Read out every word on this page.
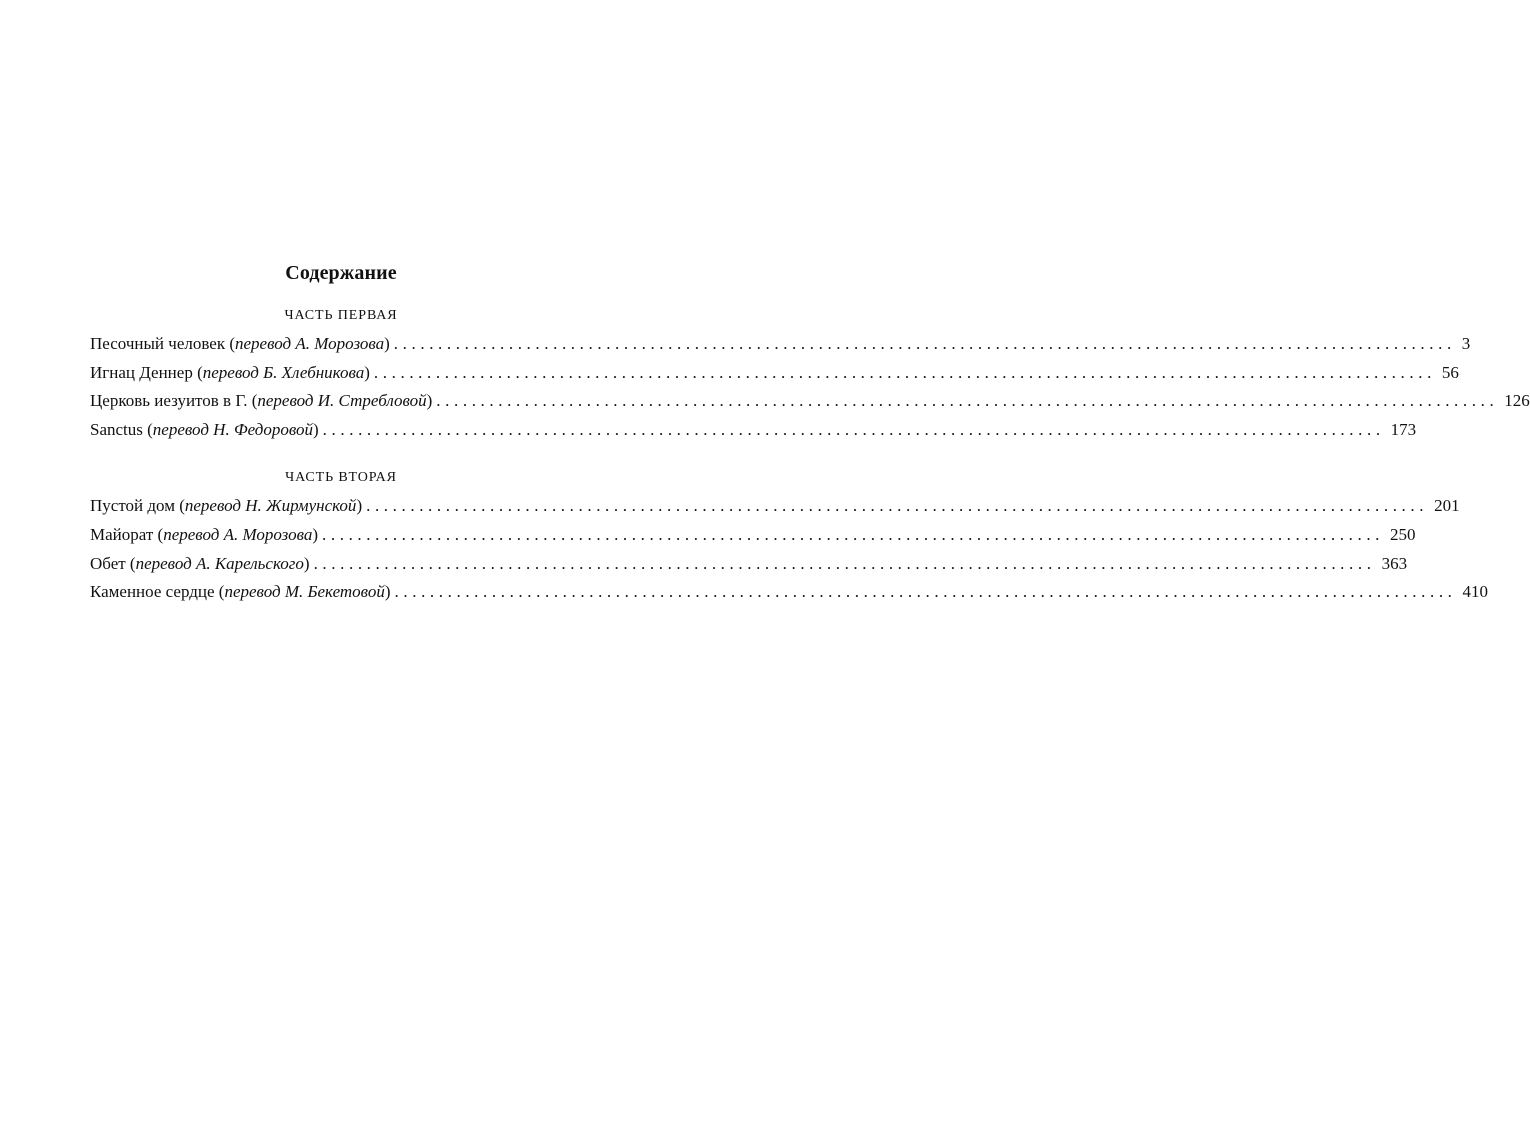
Содержание
ЧАСТЬ ПЕРВАЯ
Песочный человек (перевод А. Морозова) ........................................................................................................................ 3
Игнац Деннер (перевод Б. Хлебникова) ........................................................................................................................ 56
Церковь иезуитов в Г. (перевод И. Стребловой) ........................................................................................................................ 126
Sanctus (перевод Н. Федоровой) ........................................................................................................................ 173
ЧАСТЬ ВТОРАЯ
Пустой дом (перевод Н. Жирмунской) ........................................................................................................................ 201
Майорат (перевод А. Морозова) ........................................................................................................................ 250
Обет (перевод А. Карельского) ........................................................................................................................ 363
Каменное сердце (перевод М. Бекетовой) ........................................................................................................................ 410
